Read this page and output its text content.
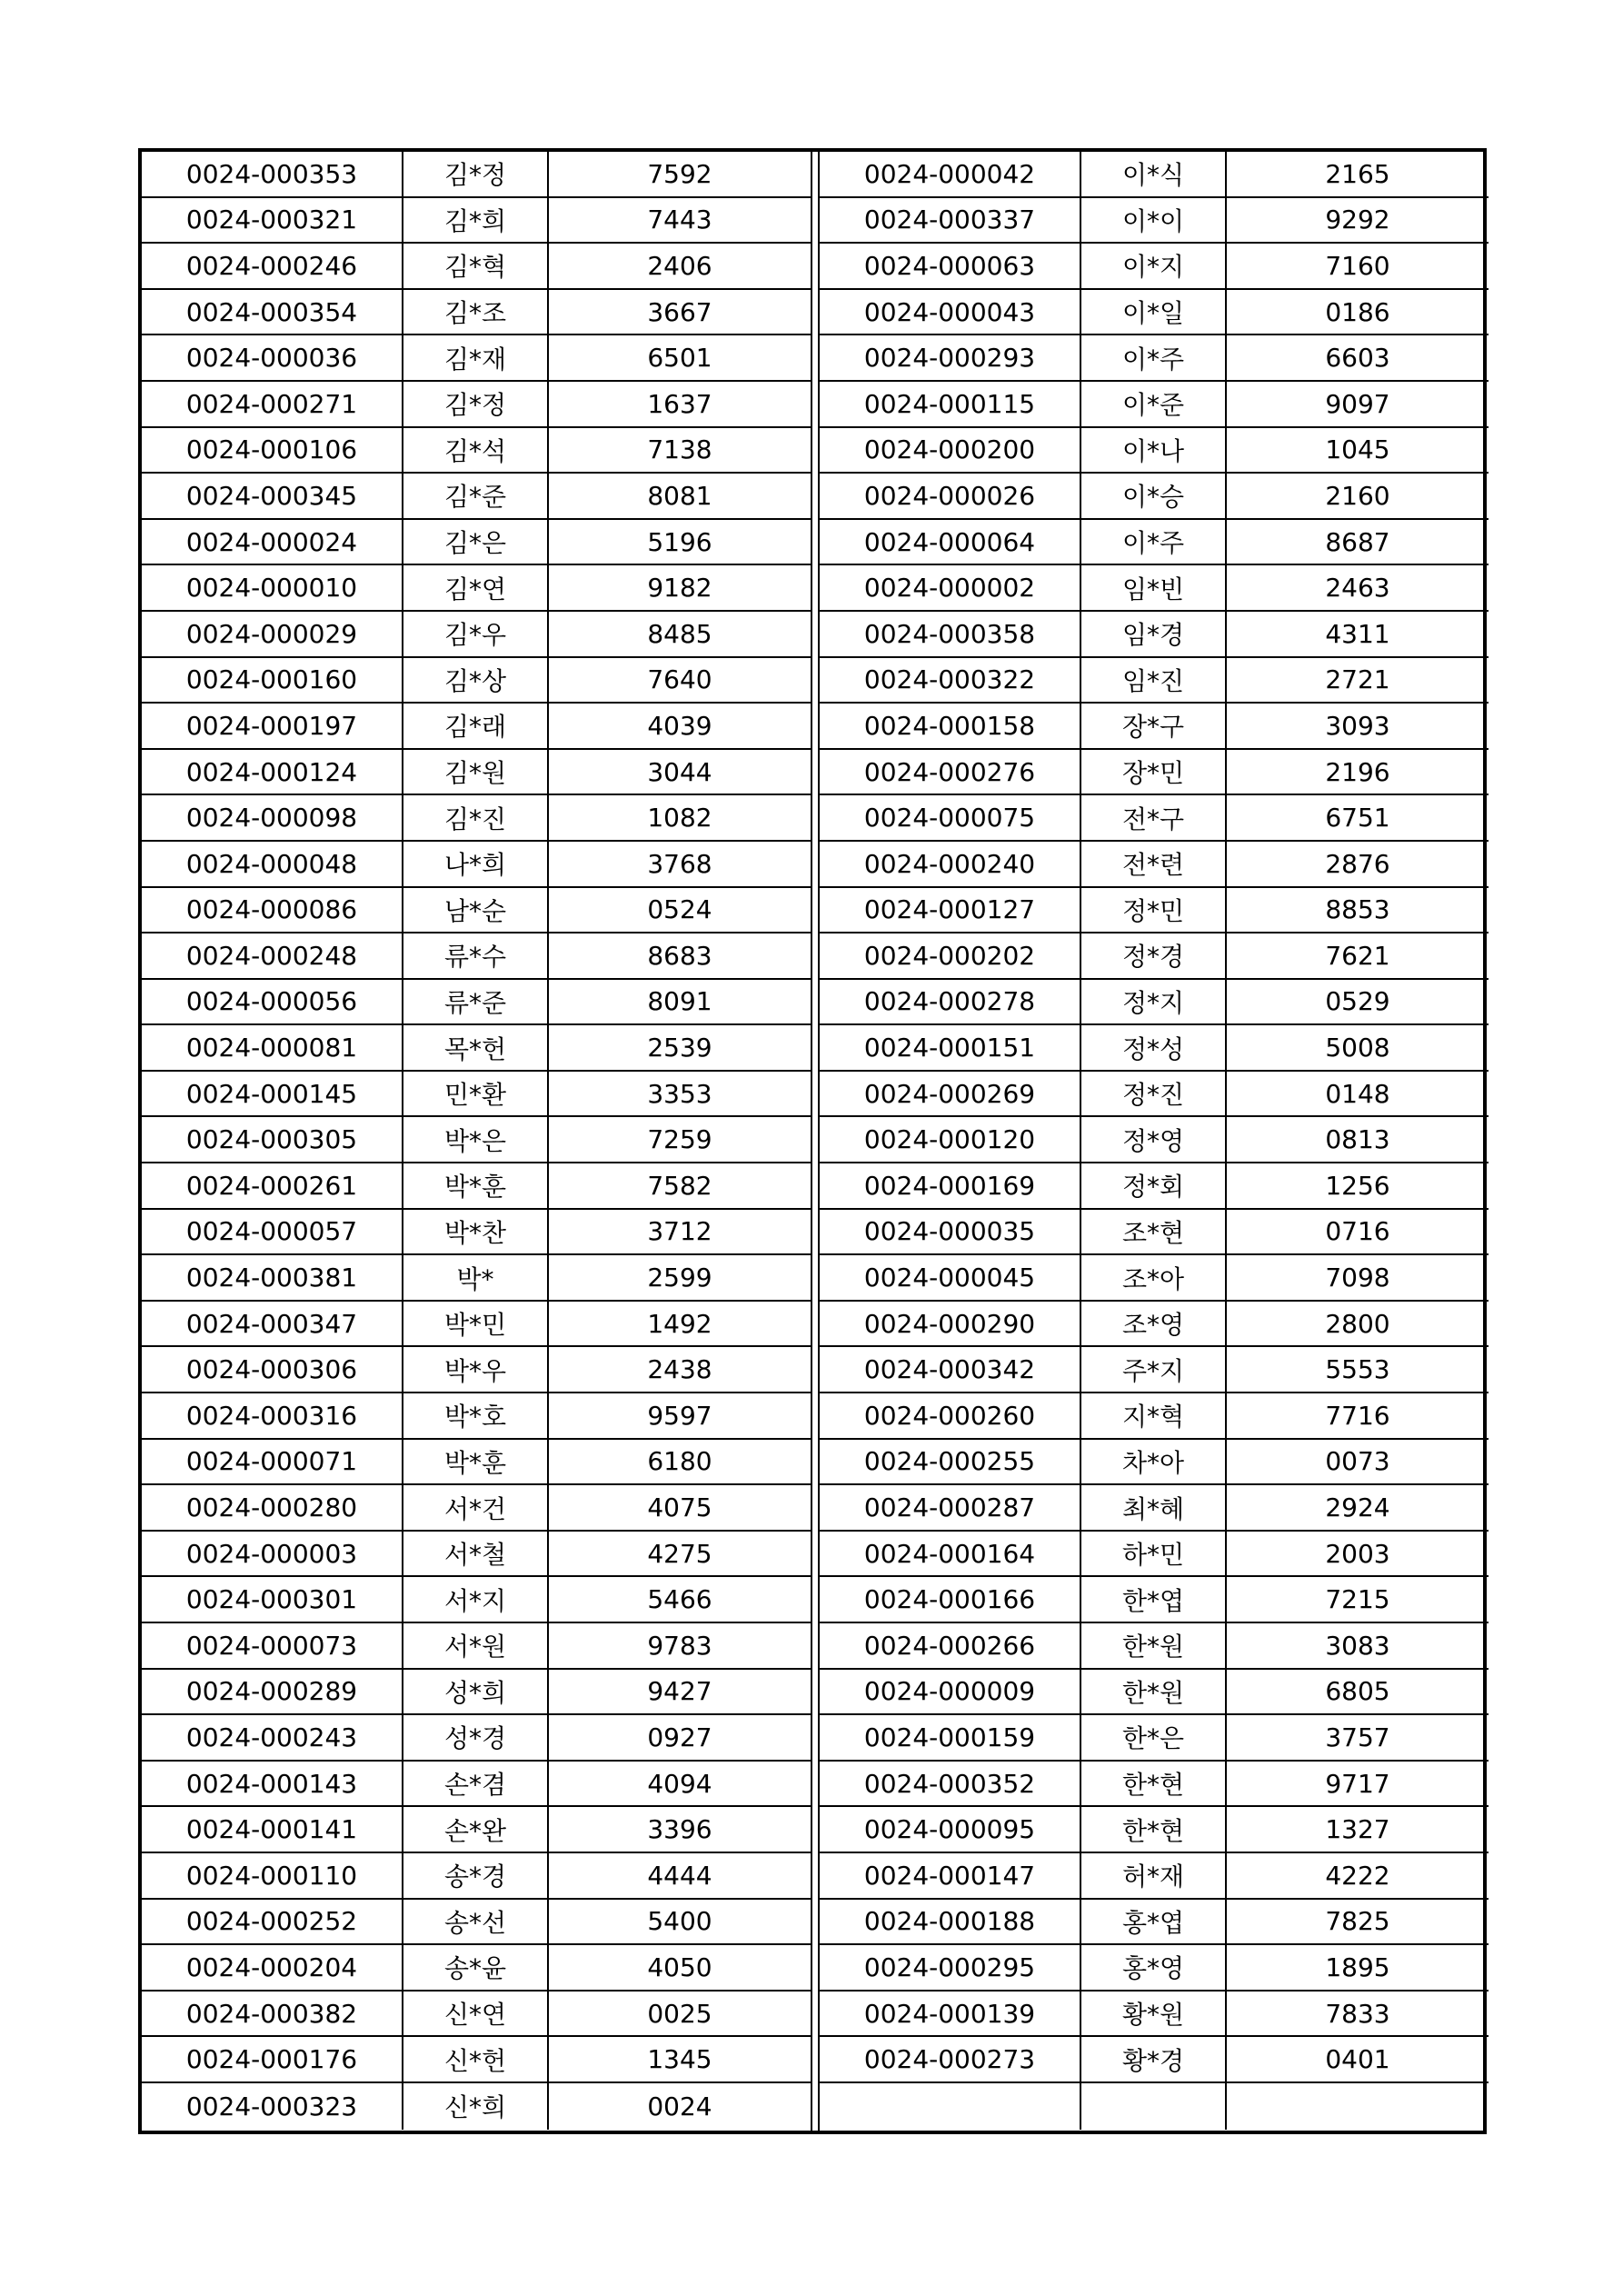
0024-000353	김*정	7592
0024-000321	김*희	7443
0024-000246	김*혁	2406
0024-000354	김*조	3667
0024-000036	김*재	6501
0024-000271	김*정	1637
0024-000106	김*석	7138
0024-000345	김*준	8081
0024-000024	김*은	5196
0024-000010	김*연	9182
0024-000029	김*우	8485
0024-000160	김*상	7640
0024-000197	김*래	4039
0024-000124	김*원	3044
0024-000098	김*진	1082
0024-000048	나*희	3768
0024-000086	남*순	0524
0024-000248	류*수	8683
0024-000056	류*준	8091
0024-000081	목*헌	2539
0024-000145	민*환	3353
0024-000305	박*은	7259
0024-000261	박*훈	7582
0024-000057	박*찬	3712
0024-000381	박*	2599
0024-000347	박*민	1492
0024-000306	박*우	2438
0024-000316	박*호	9597
0024-000071	박*훈	6180
0024-000280	서*건	4075
0024-000003	서*철	4275
0024-000301	서*지	5466
0024-000073	서*원	9783
0024-000289	성*희	9427
0024-000243	성*경	0927
0024-000143	손*겸	4094
0024-000141	손*완	3396
0024-000110	송*경	4444
0024-000252	송*선	5400
0024-000204	송*윤	4050
0024-000382	신*연	0025
0024-000176	신*헌	1345
0024-000323	신*희	0024
0024-000042	이*식	2165
0024-000337	이*이	9292
0024-000063	이*지	7160
0024-000043	이*일	0186
0024-000293	이*주	6603
0024-000115	이*준	9097
0024-000200	이*나	1045
0024-000026	이*승	2160
0024-000064	이*주	8687
0024-000002	임*빈	2463
0024-000358	임*경	4311
0024-000322	임*진	2721
0024-000158	장*구	3093
0024-000276	장*민	2196
0024-000075	전*구	6751
0024-000240	전*련	2876
0024-000127	정*민	8853
0024-000202	정*경	7621
0024-000278	정*지	0529
0024-000151	정*성	5008
0024-000269	정*진	0148
0024-000120	정*영	0813
0024-000169	정*회	1256
0024-000035	조*현	0716
0024-000045	조*아	7098
0024-000290	조*영	2800
0024-000342	주*지	5553
0024-000260	지*혁	7716
0024-000255	차*아	0073
0024-000287	최*혜	2924
0024-000164	하*민	2003
0024-000166	한*엽	7215
0024-000266	한*원	3083
0024-000009	한*원	6805
0024-000159	한*은	3757
0024-000352	한*현	9717
0024-000095	한*현	1327
0024-000147	허*재	4222
0024-000188	홍*엽	7825
0024-000295	홍*영	1895
0024-000139	황*원	7833
0024-000273	황*경	0401
